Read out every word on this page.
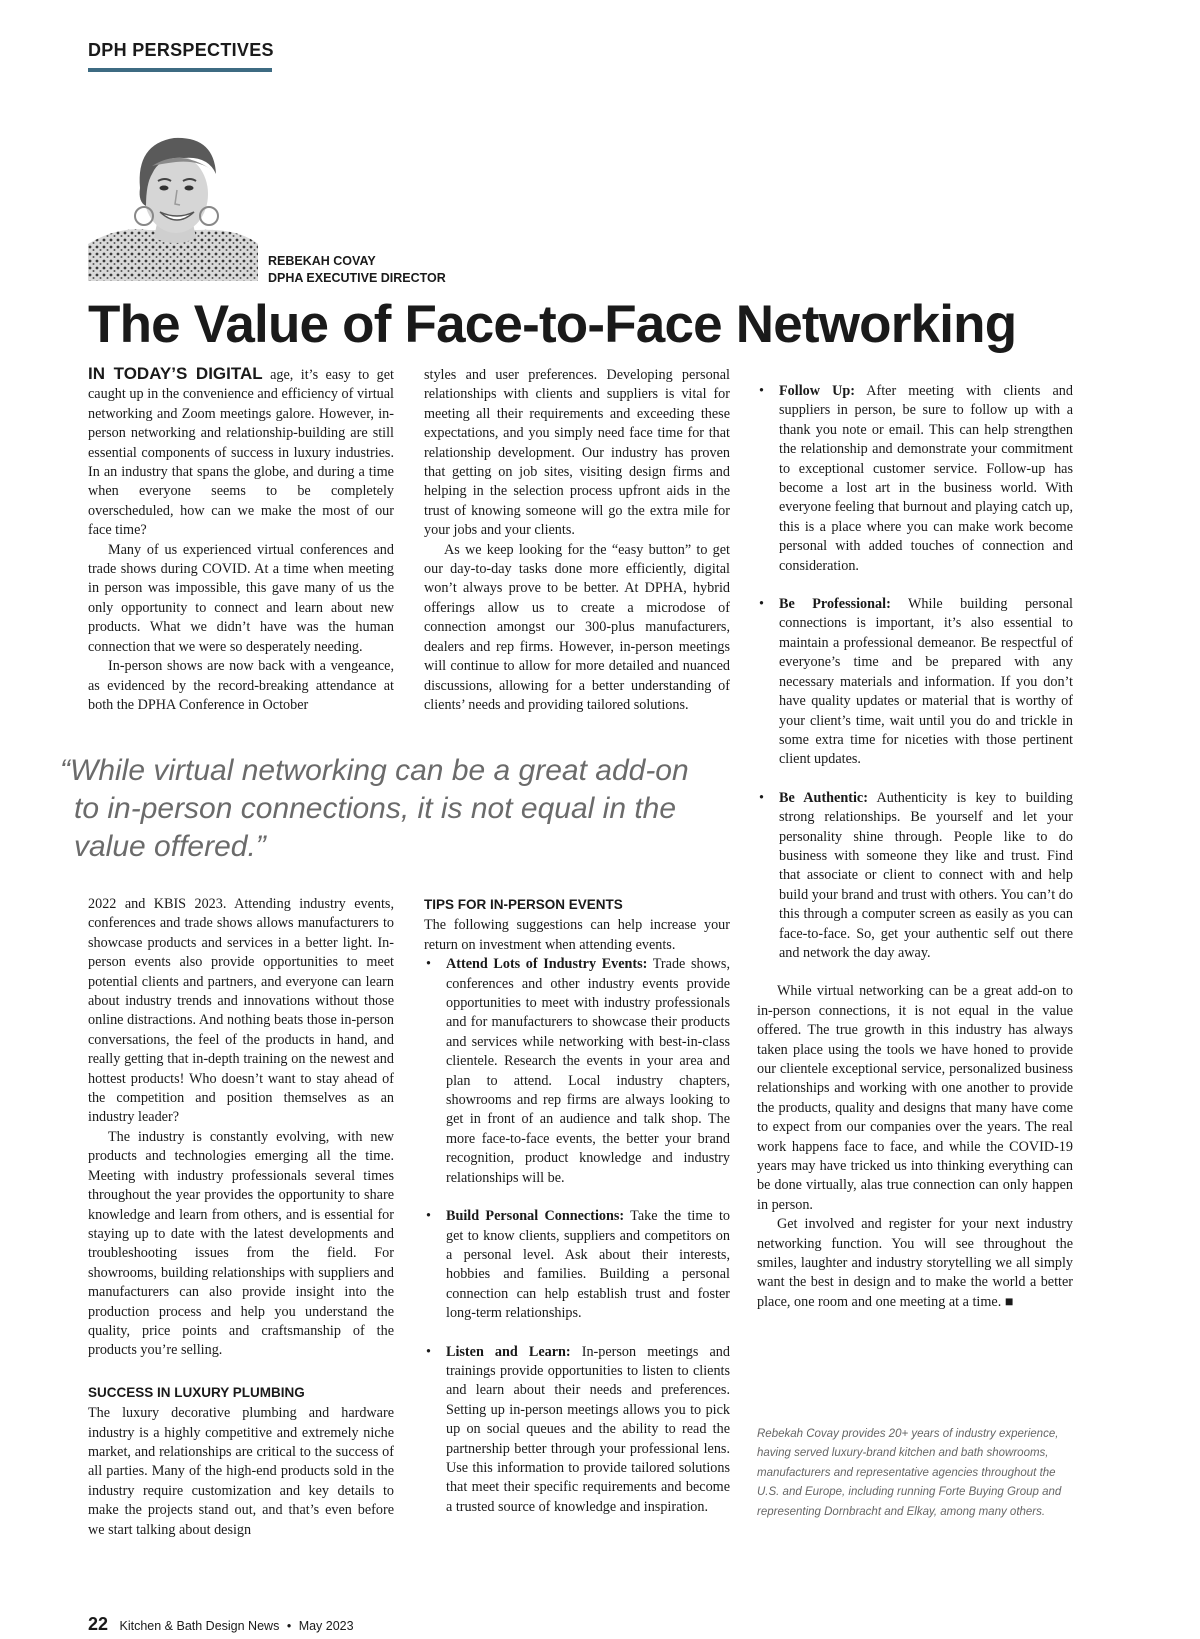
DPH PERSPECTIVES
REBEKAH COVAY
DPHA EXECUTIVE DIRECTOR
The Value of Face-to-Face Networking

IN TODAY’S DIGITAL age, it’s easy to get caught up in the convenience and efficiency of virtual networking and Zoom meetings galore. However, in-person networking and relationship-building are still essential components of success in luxury industries. In an industry that spans the globe, and during a time when everyone seems to be completely overscheduled, how can we make the most of our face time?

Many of us experienced virtual conferences and trade shows during COVID. At a time when meeting in person was impossible, this gave many of us the only opportunity to connect and learn about new products. What we didn’t have was the human connection that we were so desperately needing.

In-person shows are now back with a vengeance, as evidenced by the record-breaking attendance at both the DPHA Conference in October

styles and user preferences. Developing personal relationships with clients and suppliers is vital for meeting all their requirements and exceeding these expectations, and you simply need face time for that relationship development. Our industry has proven that getting on job sites, visiting design firms and helping in the selection process upfront aids in the trust of knowing someone will go the extra mile for your jobs and your clients.

As we keep looking for the “easy button” to get our day-to-day tasks done more efficiently, digital won’t always prove to be better. At DPHA, hybrid offerings allow us to create a microdose of connection amongst our 300-plus manufacturers, dealers and rep firms. However, in-person meetings will continue to allow for more detailed and nuanced discussions, allowing for a better understanding of clients’ needs and providing tailored solutions.

“While virtual networking can be a great add-on to in-person connections, it is not equal in the value offered.”

2022 and KBIS 2023. Attending industry events, conferences and trade shows allows manufacturers to showcase products and services in a better light. In-person events also provide opportunities to meet potential clients and partners, and everyone can learn about industry trends and innovations without those online distractions. And nothing beats those in-person conversations, the feel of the products in hand, and really getting that in-depth training on the newest and hottest products! Who doesn’t want to stay ahead of the competition and position themselves as an industry leader?

The industry is constantly evolving, with new products and technologies emerging all the time. Meeting with industry professionals several times throughout the year provides the opportunity to share knowledge and learn from others, and is essential for staying up to date with the latest developments and troubleshooting issues from the field. For showrooms, building relationships with suppliers and manufacturers can also provide insight into the production process and help you understand the quality, price points and craftsmanship of the products you’re selling.

SUCCESS IN LUXURY PLUMBING

The luxury decorative plumbing and hardware industry is a highly competitive and extremely niche market, and relationships are critical to the success of all parties. Many of the high-end products sold in the industry require customization and key details to make the projects stand out, and that’s even before we start talking about design

TIPS FOR IN-PERSON EVENTS

The following suggestions can help increase your return on investment when attending events.

• Attend Lots of Industry Events: Trade shows, conferences and other industry events provide opportunities to meet with industry professionals and for manufacturers to showcase their products and services while networking with best-in-class clientele. Research the events in your area and plan to attend. Local industry chapters, showrooms and rep firms are always looking to get in front of an audience and talk shop. The more face-to-face events, the better your brand recognition, product knowledge and industry relationships will be.
• Build Personal Connections: Take the time to get to know clients, suppliers and competitors on a personal level. Ask about their interests, hobbies and families. Building a personal connection can help establish trust and foster long-term relationships.
• Listen and Learn: In-person meetings and trainings provide opportunities to listen to clients and learn about their needs and preferences. Setting up in-person meetings allows you to pick up on social queues and the ability to read the partnership better through your professional lens. Use this information to provide tailored solutions that meet their specific requirements and become a trusted source of knowledge and inspiration.
• Follow Up: After meeting with clients and suppliers in person, be sure to follow up with a thank you note or email. This can help strengthen the relationship and demonstrate your commitment to exceptional customer service. Follow-up has become a lost art in the business world. With everyone feeling that burnout and playing catch up, this is a place where you can make work become personal with added touches of connection and consideration.
• Be Professional: While building personal connections is important, it’s also essential to maintain a professional demeanor. Be respectful of everyone’s time and be prepared with any necessary materials and information. If you don’t have quality updates or material that is worthy of your client’s time, wait until you do and trickle in some extra time for niceties with those pertinent client updates.
• Be Authentic: Authenticity is key to building strong relationships. Be yourself and let your personality shine through. People like to do business with someone they like and trust. Find that associate or client to connect with and help build your brand and trust with others. You can’t do this through a computer screen as easily as you can face-to-face. So, get your authentic self out there and network the day away.

While virtual networking can be a great add-on to in-person connections, it is not equal in the value offered. The true growth in this industry has always taken place using the tools we have honed to provide our clientele exceptional service, personalized business relationships and working with one another to provide the products, quality and designs that many have come to expect from our companies over the years. The real work happens face to face, and while the COVID-19 years may have tricked us into thinking everything can be done virtually, alas true connection can only happen in person.

Get involved and register for your next industry networking function. You will see throughout the smiles, laughter and industry storytelling we all simply want the best in design and to make the world a better place, one room and one meeting at a time. ■

Rebekah Covay provides 20+ years of industry experience, having served luxury-brand kitchen and bath showrooms, manufacturers and representative agencies throughout the U.S. and Europe, including running Forte Buying Group and representing Dornbracht and Elkay, among many others.
22 Kitchen & Bath Design News • May 2023
